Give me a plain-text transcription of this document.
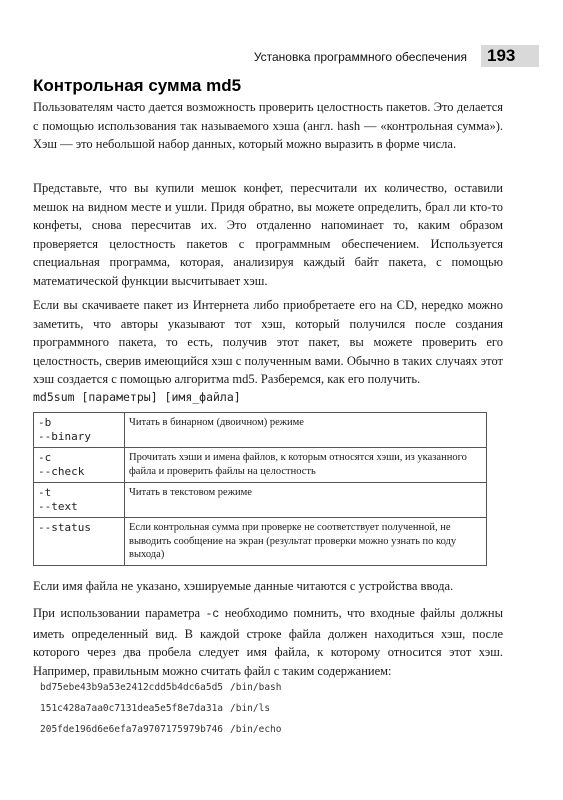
Установка программного обеспечения	193
Контрольная сумма md5

Пользователям часто дается возможность проверить целостность пакетов. Это делается с помощью использования так называемого хэша (англ. hash — «контрольная сумма»). Хэш — это небольшой набор данных, который можно выразить в форме числа.

Представьте, что вы купили мешок конфет, пересчитали их количество, оставили мешок на видном месте и ушли. Придя обратно, вы можете определить, брал ли кто-то конфеты, снова пересчитав их. Это отдаленно напоминает то, каким образом проверяется целостность пакетов с программным обеспечением. Используется специальная программа, которая, анализируя каждый байт пакета, с помощью математической функции высчитывает хэш.

Если вы скачиваете пакет из Интернета либо приобретаете его на CD, нередко можно заметить, что авторы указывают тот хэш, который получился после создания программного пакета, то есть, получив этот пакет, вы можете проверить его целостность, сверив имеющийся хэш с полученным вами. Обычно в таких случаях этот хэш создается с помощью алгоритма md5. Разберемся, как его получить.

md5sum [параметры] [имя_файла]
-b
--binary	Читать в бинарном (двоичном) режиме

-c
--check	Прочитать хэши и имена файлов, к которым относятся хэши, из указанного файла и проверить файлы на целостность

-t
--text	Читать в текстовом режиме

--status	Если контрольная сумма при проверке не соответствует полученной, не выводить сообщение на экран (результат проверки можно узнать по коду выхода)

Если имя файла не указано, хэшируемые данные читаются с устройства ввода.

При использовании параметра -c необходимо помнить, что входные файлы должны иметь определенный вид. В каждой строке файла должен находиться хэш, после которого через два пробела следует имя файла, к которому относится этот хэш. Например, правильным можно считать файл с таким содержанием:

bd75ebe43b9a53e2412cdd5b4dc6a5d5 /bin/bash
151c428a7aa0c7131dea5e5f8e7da31a /bin/ls
205fde196d6e6efa7a9707175979b746 /bin/echo
